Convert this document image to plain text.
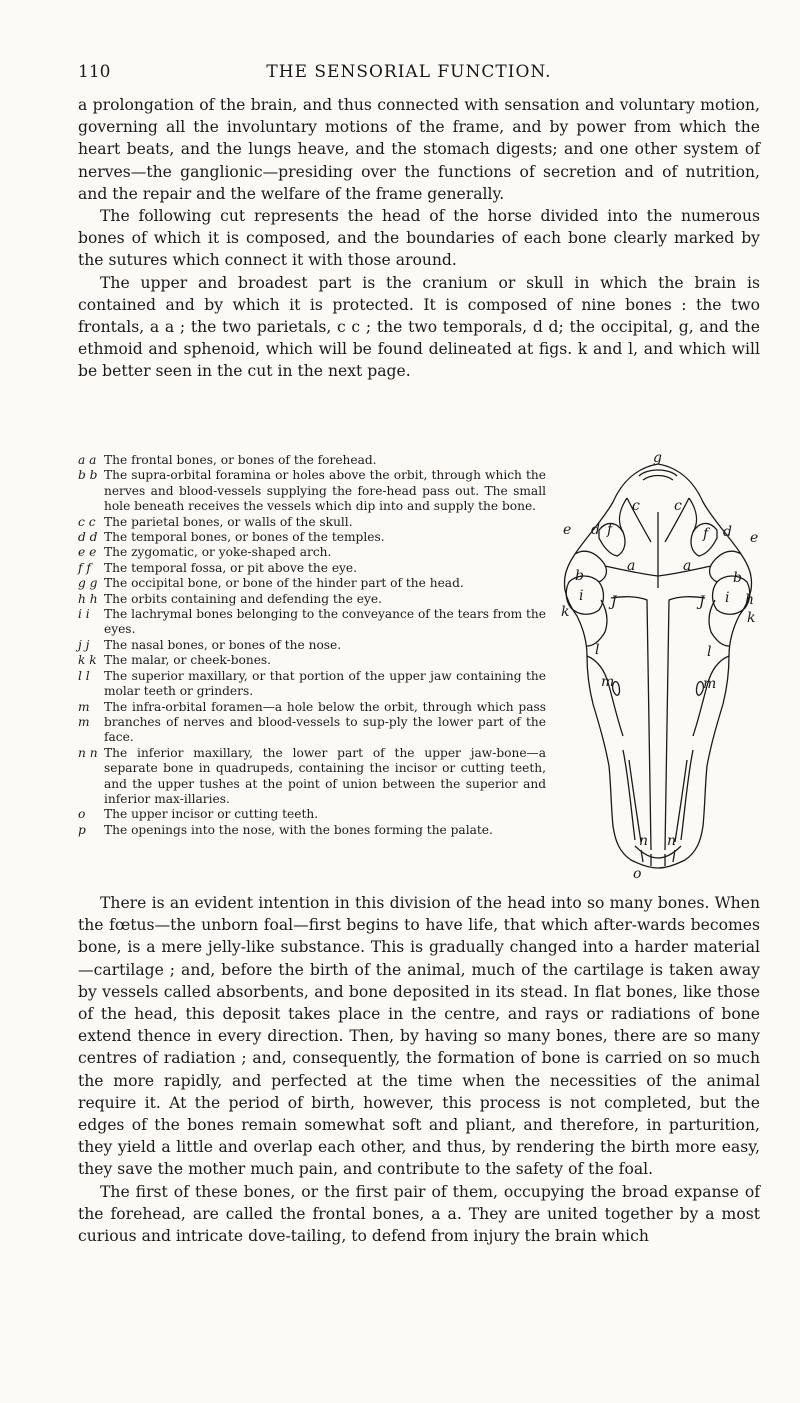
110	THE SENSORIAL FUNCTION.

a prolongation of the brain, and thus connected with sensation and voluntary motion, governing all the involuntary motions of the frame, and by power from which the heart beats, and the lungs heave, and the stomach digests; and one other system of nerves—the ganglionic—presiding over the functions of secretion and of nutrition, and the repair and the welfare of the frame generally.

The following cut represents the head of the horse divided into the numerous bones of which it is composed, and the boundaries of each bone clearly marked by the sutures which connect it with those around.

The upper and broadest part is the cranium or skull in which the brain is contained and by which it is protected. It is composed of nine bones : the two frontals, a a ; the two parietals, c c ; the two temporals, d d; the occipital, g, and the ethmoid and sphenoid, which will be found delineated at figs. k and l, and which will be better seen in the cut in the next page.

a a The frontal bones, or bones of the forehead.
b b The supra-orbital foramina or holes above the orbit, through which the nerves and blood-vessels supplying the fore-head pass out. The small hole beneath receives the vessels which dip into and supply the bone.
c c The parietal bones, or walls of the skull.
d d The temporal bones, or bones of the temples.
e e The zygomatic, or yoke-shaped arch.
f f	The temporal fossa, or pit above the eye.
g g The occipital bone, or bone of the hinder part of the head.
h h The orbits containing and defending the eye.
i i	The lachrymal bones belonging to the conveyance of the tears from the eyes.
j j	The nasal bones, or bones of the nose.
k k The malar, or cheek-bones.
l l	The superior maxillary, or that portion of the upper jaw containing the molar teeth or grinders.
m m
The infra-orbital foramen—a hole below the orbit, through which pass branches of nerves and blood-vessels to sup-ply the lower part of the face.
n n The inferior maxillary, the lower part of the upper jaw-bone—a separate bone in quadrupeds, containing the incisor or cutting teeth, and the upper tushes at the point of union between the superior and inferior max-illaries.
o	The upper incisor or cutting teeth.
p	The openings into the nose, with the bones forming the palate.
g
c c
e	e
f	f
d	d
a	a
b	b
i	i
J	J	h
k	k
l	l
m	m
n n
o

There is an evident intention in this division of the head into so many bones. When the fœtus—the unborn foal—first begins to have life, that which after-wards becomes bone, is a mere jelly-like substance. This is gradually changed into a harder material—cartilage ; and, before the birth of the animal, much of the cartilage is taken away by vessels called absorbents, and bone deposited in its stead. In flat bones, like those of the head, this deposit takes place in the centre, and rays or radiations of bone extend thence in every direction. Then, by having so many bones, there are so many centres of radiation ; and, consequently, the formation of bone is carried on so much the more rapidly, and perfected at the time when the necessities of the animal require it. At the period of birth, however, this process is not completed, but the edges of the bones remain somewhat soft and pliant, and therefore, in parturition, they yield a little and overlap each other, and thus, by rendering the birth more easy, they save the mother much pain, and contribute to the safety of the foal.

The first of these bones, or the first pair of them, occupying the broad expanse of the forehead, are called the frontal bones, a a. They are united together by a most curious and intricate dove-tailing, to defend from injury the brain which
